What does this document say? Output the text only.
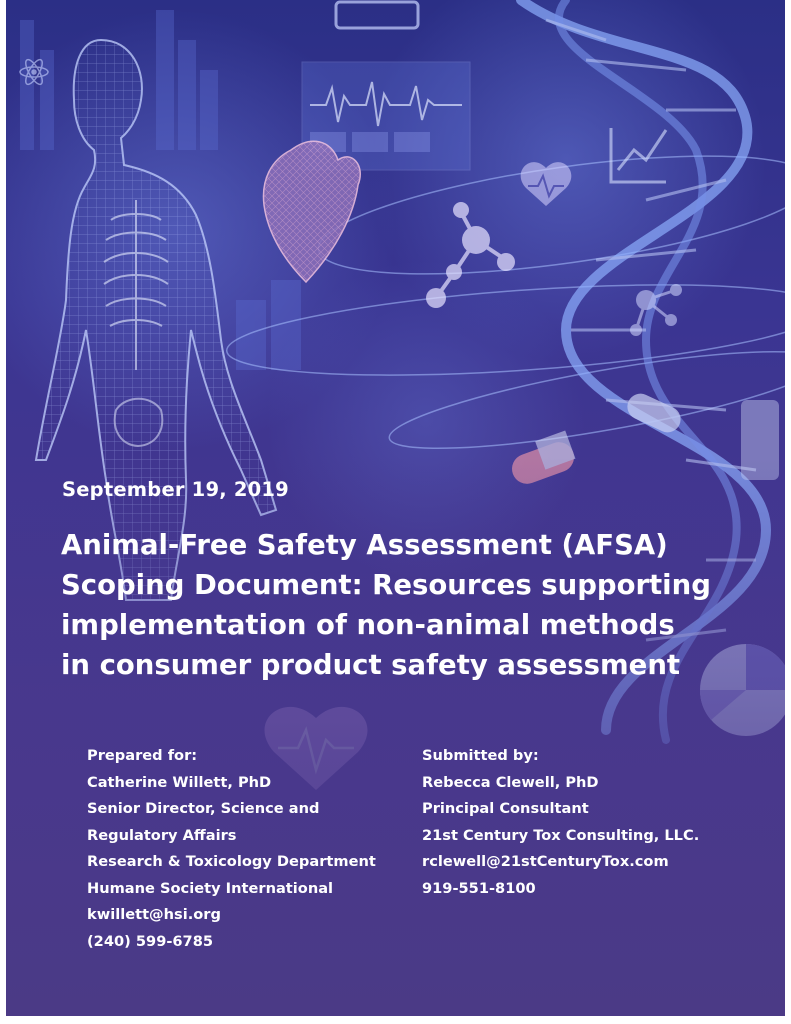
September 19, 2019

Animal-Free Safety Assessment (AFSA)
Scoping Document: Resources supporting
implementation of non-animal methods
in consumer product safety assessment
Prepared for:
Catherine Willett, PhD
Senior Director, Science and
Regulatory Affairs
Research & Toxicology Department
Humane Society International
kwillett@hsi.org
(240) 599-6785
Submitted by:
Rebecca Clewell, PhD
Principal Consultant
21st Century Tox Consulting, LLC.
rclewell@21stCenturyTox.com
919-551-8100
